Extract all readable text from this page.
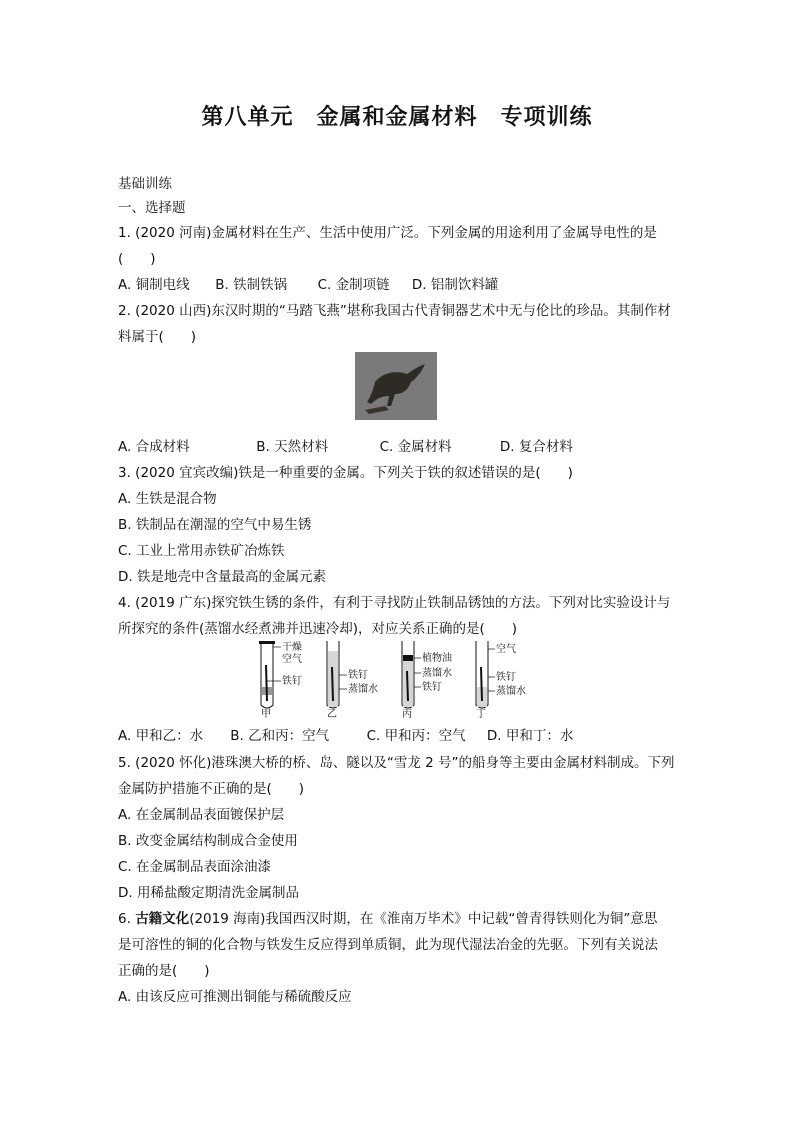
第八单元　金属和金属材料　专项训练
基础训练
一、选择题
1. (2020 河南)金属材料在生产、生活中使用广泛。下列金属的用途利用了金属导电性的是
(　　)
A. 铜制电线 B. 铁制铁锅 C. 金制项链 D. 铝制饮料罐
2. (2020 山西)东汉时期的“马踏飞燕”堪称我国古代青铜器艺术中无与伦比的珍品。其制作材
料属于(　　)
A. 合成材料	B. 天然材料	C. 金属材料	D. 复合材料
3. (2020 宜宾改编)铁是一种重要的金属。下列关于铁的叙述错误的是(　　)
A. 生铁是混合物
B. 铁制品在潮湿的空气中易生锈
C. 工业上常用赤铁矿冶炼铁
D. 铁是地壳中含量最高的金属元素
4. (2019 广东)探究铁生锈的条件，有利于寻找防止铁制品锈蚀的方法。下列对比实验设计与
所探究的条件(蒸馏水经煮沸并迅速冷却)，对应关系正确的是(　　)
干燥
空气
铁钉
甲
铁钉
蒸馏水
乙
植物油
蒸馏水
铁钉
丙
空气
铁钉
蒸馏水
丁
A. 甲和乙：水 B. 乙和丙：空气	C. 甲和丙：空气 D. 甲和丁：水
5. (2020 怀化)港珠澳大桥的桥、岛、隧以及“雪龙 2 号”的船身等主要由金属材料制成。下列
金属防护措施不正确的是(　　)
A. 在金属制品表面镀保护层
B. 改变金属结构制成合金使用
C. 在金属制品表面涂油漆
D. 用稀盐酸定期清洗金属制品
6. 古籍文化(2019 海南)我国西汉时期，在《淮南万毕术》中记载“曾青得铁则化为铜”意思
是可溶性的铜的化合物与铁发生反应得到单质铜，此为现代湿法冶金的先驱。下列有关说法
正确的是(　　)
A. 由该反应可推测出铜能与稀硫酸反应
